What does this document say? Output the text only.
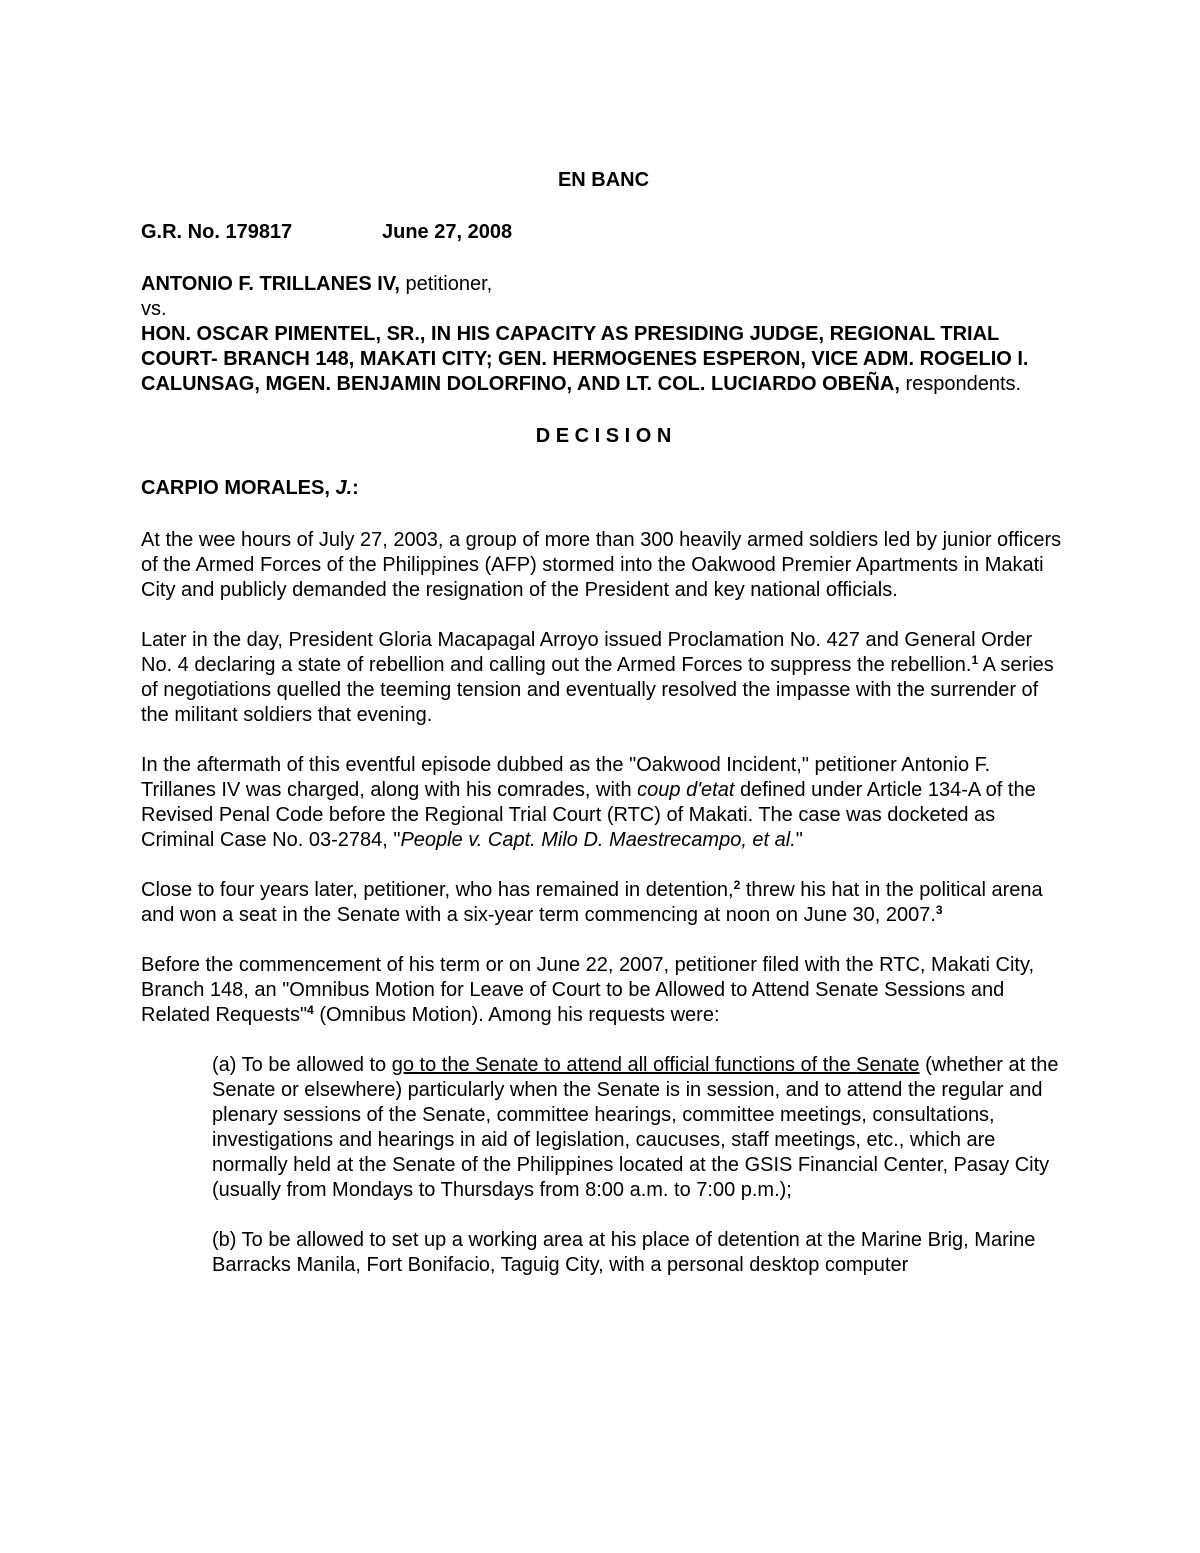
EN BANC

G.R. No. 179817	June 27, 2008

ANTONIO F. TRILLANES IV, petitioner,

vs.

HON. OSCAR PIMENTEL, SR., IN HIS CAPACITY AS PRESIDING JUDGE, REGIONAL TRIAL COURT- BRANCH 148, MAKATI CITY; GEN. HERMOGENES ESPERON, VICE ADM. ROGELIO I. CALUNSAG, MGEN. BENJAMIN DOLORFINO, AND LT. COL. LUCIARDO OBEÑA, respondents.

D E C I S I O N

CARPIO MORALES, J.:

At the wee hours of July 27, 2003, a group of more than 300 heavily armed soldiers led by junior officers of the Armed Forces of the Philippines (AFP) stormed into the Oakwood Premier Apartments in Makati City and publicly demanded the resignation of the President and key national officials.

Later in the day, President Gloria Macapagal Arroyo issued Proclamation No. 427 and General Order No. 4 declaring a state of rebellion and calling out the Armed Forces to suppress the rebellion.$^1$ A series of negotiations quelled the teeming tension and eventually resolved the impasse with the surrender of the militant soldiers that evening.

In the aftermath of this eventful episode dubbed as the "Oakwood Incident," petitioner Antonio F. Trillanes IV was charged, along with his comrades, with coup d'etat defined under Article 134-A of the Revised Penal Code before the Regional Trial Court (RTC) of Makati. The case was docketed as Criminal Case No. 03-2784, "People v. Capt. Milo D. Maestrecampo, et al."

Close to four years later, petitioner, who has remained in detention,$^2$ threw his hat in the political arena and won a seat in the Senate with a six-year term commencing at noon on June 30, 2007.$^3$

Before the commencement of his term or on June 22, 2007, petitioner filed with the RTC, Makati City, Branch 148, an "Omnibus Motion for Leave of Court to be Allowed to Attend Senate Sessions and Related Requests"$^4$ (Omnibus Motion). Among his requests were:

(a) To be allowed to go to the Senate to attend all official functions of the Senate (whether at the Senate or elsewhere) particularly when the Senate is in session, and to attend the regular and plenary sessions of the Senate, committee hearings, committee meetings, consultations, investigations and hearings in aid of legislation, caucuses, staff meetings, etc., which are normally held at the Senate of the Philippines located at the GSIS Financial Center, Pasay City (usually from Mondays to Thursdays from 8:00 a.m. to 7:00 p.m.);

(b) To be allowed to set up a working area at his place of detention at the Marine Brig, Marine Barracks Manila, Fort Bonifacio, Taguig City, with a personal desktop computer
